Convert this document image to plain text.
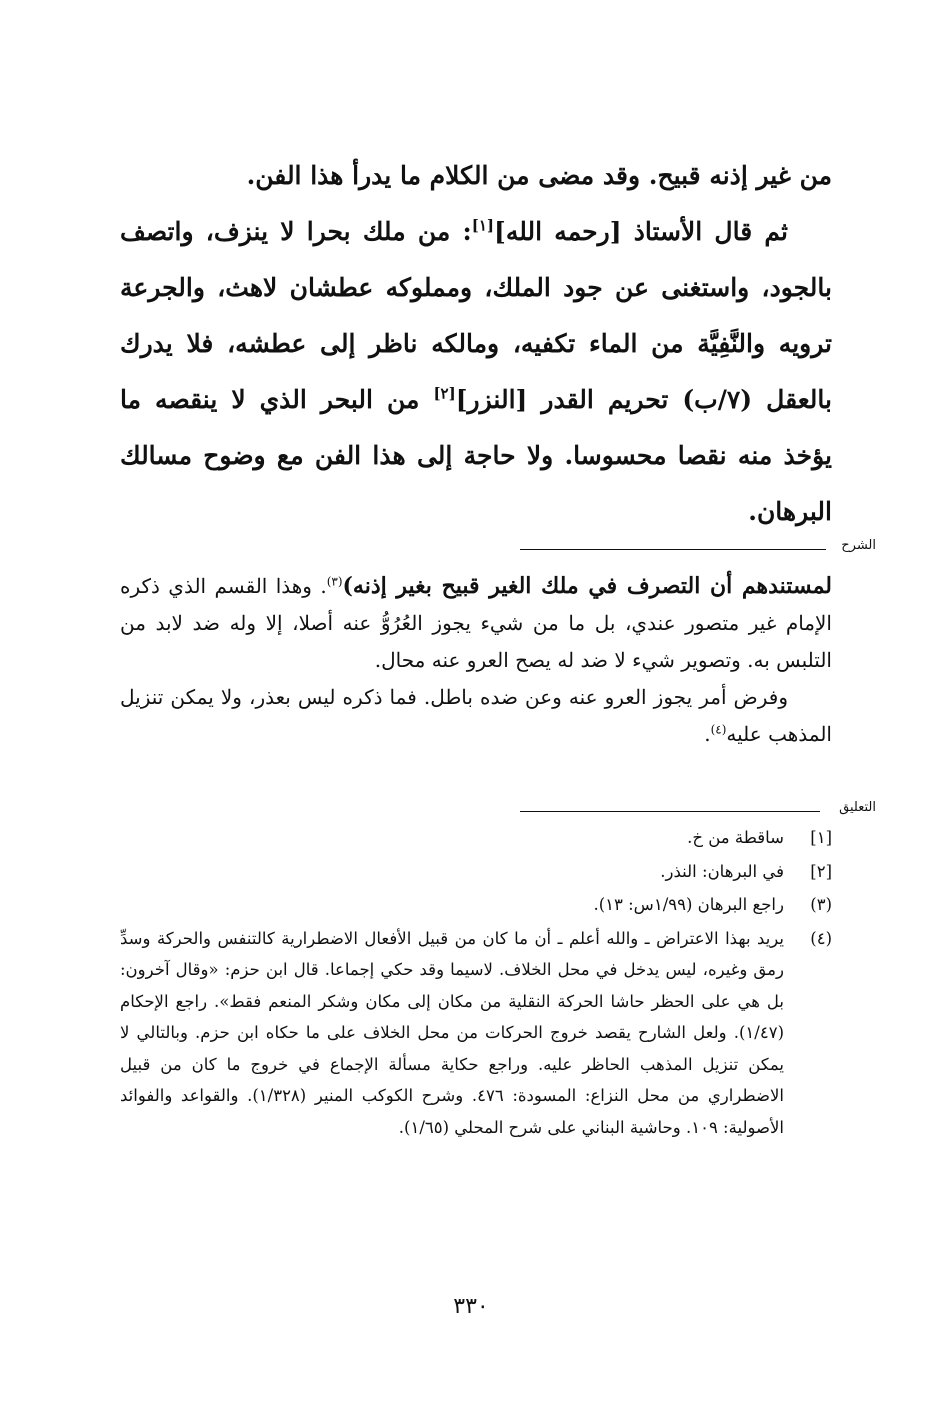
من غير إذنه قبيح. وقد مضى من الكلام ما يدرأ هذا الفن.

ثم قال الأستاذ [رحمه الله][١]: من ملك بحرا لا ينزف، واتصف بالجود، واستغنى عن جود الملك، ومملوكه عطشان لاهث، والجرعة ترويه والنَّفِيَّة من الماء تكفيه، ومالكه ناظر إلى عطشه، فلا يدرك بالعقل (٧/ب) تحريم القدر [النزر][٢] من البحر الذي لا ينقصه ما يؤخذ منه نقصا محسوسا. ولا حاجة إلى هذا الفن مع وضوح مسالك البرهان.

الشرح

لمستندهم أن التصرف في ملك الغير قبيح بغير إذنه)$^{(٣)}$. وهذا القسم الذي ذكره الإمام غير متصور عندي، بل ما من شيء يجوز العُرُوُّ عنه أصلا، إلا وله ضد لابد من التلبس به. وتصوير شيء لا ضد له يصح العرو عنه محال.

وفرض أمر يجوز العرو عنه وعن ضده باطل. فما ذكره ليس بعذر، ولا يمكن تنزيل المذهب عليه$^{(٤)}$.

التعليق
[١]
ساقطة من خ.
[٢]
في البرهان: النذر.
(٣)
راجع البرهان (١/٩٩س: ١٣).
(٤)
يريد بهذا الاعتراض ـ والله أعلم ـ أن ما كان من قبيل الأفعال الاضطرارية كالتنفس والحركة وسدِّ رمق وغيره، ليس يدخل في محل الخلاف. لاسيما وقد حكي إجماعا. قال ابن حزم: «وقال آخرون: بل هي على الحظر حاشا الحركة النقلية من مكان إلى مكان وشكر المنعم فقط». راجع الإحكام (١/٤٧). ولعل الشارح يقصد خروج الحركات من محل الخلاف على ما حكاه ابن حزم. وبالتالي لا يمكن تنزيل المذهب الحاظر عليه. وراجع حكاية مسألة الإجماع في خروج ما كان من قبيل الاضطراري من محل النزاع: المسودة: ٤٧٦. وشرح الكوكب المنير (١/٣٢٨). والقواعد والفوائد الأصولية: ١٠٩. وحاشية البناني على شرح المحلي (١/٦٥).
٣٣٠
